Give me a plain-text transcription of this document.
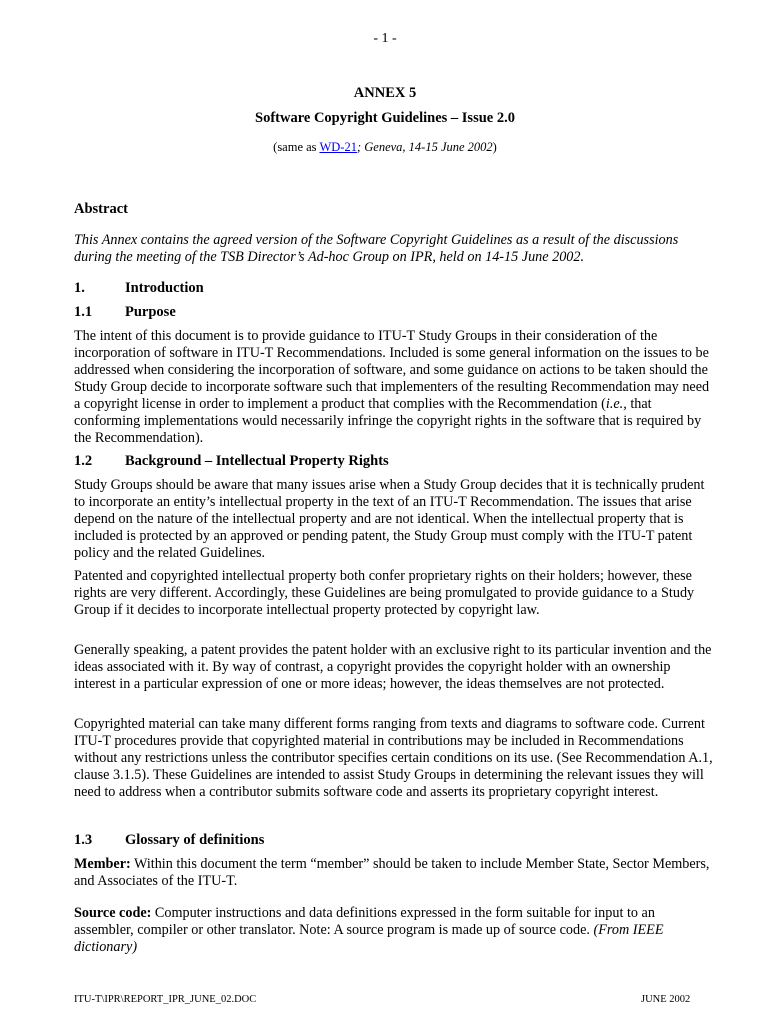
- 1 -
ANNEX 5
Software Copyright Guidelines – Issue 2.0
(same as WD-21; Geneva, 14-15 June 2002)
Abstract

This Annex contains the agreed version of the Software Copyright Guidelines as a result of the discussions during the meeting of the TSB Director’s Ad-hoc Group on IPR, held on 14-15 June 2002.

1.	Introduction
1.1 Purpose

The intent of this document is to provide guidance to ITU-T Study Groups in their consideration of the incorporation of software in ITU-T Recommendations. Included is some general information on the issues to be addressed when considering the incorporation of software, and some guidance on actions to be taken should the Study Group decide to incorporate software such that implementers of the resulting Recommendation may need a copyright license in order to implement a product that complies with the Recommendation (i.e., that conforming implementations would necessarily infringe the copyright rights in the software that is required by the Recommendation).

1.2 Background – Intellectual Property Rights

Study Groups should be aware that many issues arise when a Study Group decides that it is technically prudent to incorporate an entity’s intellectual property in the text of an ITU-T Recommendation. The issues that arise depend on the nature of the intellectual property and are not identical. When the intellectual property that is included is protected by an approved or pending patent, the Study Group must comply with the ITU-T patent policy and the related Guidelines.

Patented and copyrighted intellectual property both confer proprietary rights on their holders; however, these rights are very different. Accordingly, these Guidelines are being promulgated to provide guidance to a Study Group if it decides to incorporate intellectual property protected by copyright law.

Generally speaking, a patent provides the patent holder with an exclusive right to its particular invention and the ideas associated with it. By way of contrast, a copyright provides the copyright holder with an ownership interest in a particular expression of one or more ideas; however, the ideas themselves are not protected.

Copyrighted material can take many different forms ranging from texts and diagrams to software code. Current ITU-T procedures provide that copyrighted material in contributions may be included in Recommendations without any restrictions unless the contributor specifies certain conditions on its use. (See Recommendation A.1, clause 3.1.5). These Guidelines are intended to assist Study Groups in determining the relevant issues they will need to address when a contributor submits software code and asserts its proprietary copyright interest.

1.3 Glossary of definitions

Member: Within this document the term “member” should be taken to include Member State, Sector Members, and Associates of the ITU-T.

Source code: Computer instructions and data definitions expressed in the form suitable for input to an assembler, compiler or other translator. Note: A source program is made up of source code. (From IEEE dictionary)

ITU-T\IPR\REPORT_IPR_JUNE_02.DOC	JUNE 2002
